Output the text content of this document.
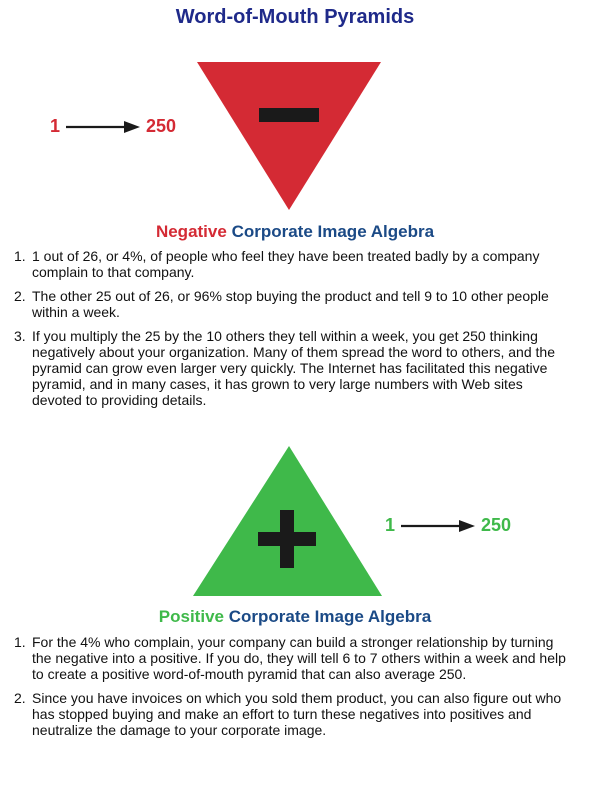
Word-of-Mouth Pyramids
1	250
Negative Corporate Image Algebra
1. 1 out of 26, or 4%, of people who feel they have been treated badly by a company complain to that company.
2. The other 25 out of 26, or 96% stop buying the product and tell 9 to 10 other people within a week.
3. If you multiply the 25 by the 10 others they tell within a week, you get 250 thinking negatively about your organization. Many of them spread the word to others, and the pyramid can grow even larger very quickly. The Internet has facilitated this negative pyramid, and in many cases, it has grown to very large numbers with Web sites devoted to providing details.
1	250
Positive Corporate Image Algebra
1. For the 4% who complain, your company can build a stronger relationship by turning the negative into a positive. If you do, they will tell 6 to 7 others within a week and help to create a positive word-of-mouth pyramid that can also average 250.
2. Since you have invoices on which you sold them product, you can also figure out who has stopped buying and make an effort to turn these negatives into positives and neutralize the damage to your corporate image.
